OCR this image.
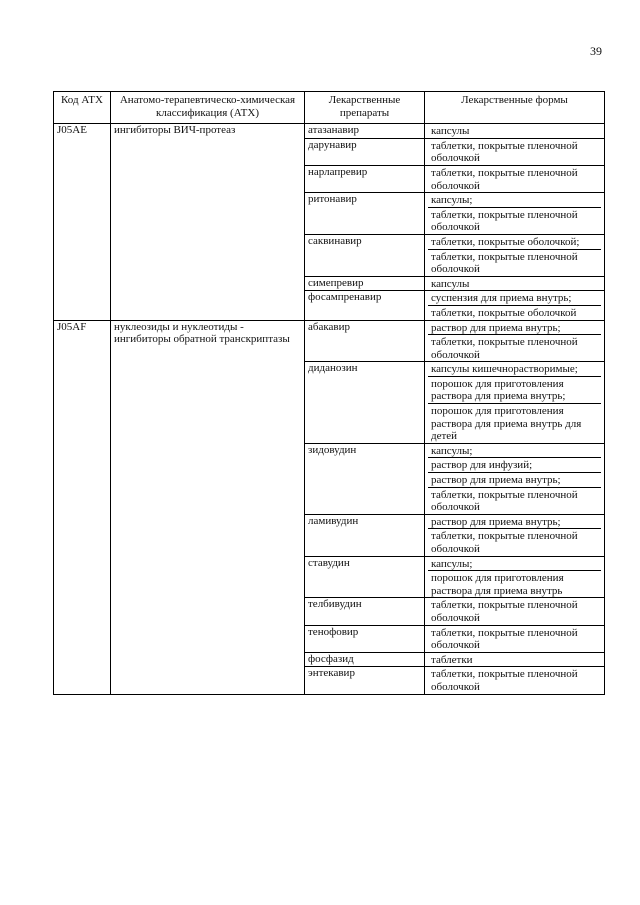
39
Код АТХ	Анатомо-терапевтическо-химическая классификация (АТХ)	Лекарственные препараты	Лекарственные формы
J05AE	ингибиторы ВИЧ-протеаз	атазанавир	капсулы

		дарунавир	таблетки, покрытые пленочной оболочкой

		нарлапревир	таблетки, покрытые пленочной оболочкой

		ритонавир	капсулы;
таблетки, покрытые пленочной оболочкой

		саквинавир	таблетки, покрытые оболочкой;
таблетки, покрытые пленочной оболочкой

		симепревир	капсулы

		фосампренавир	суспензия для приема внутрь;
таблетки, покрытые оболочкой

J05AF	нуклеозиды и нуклеотиды - ингибиторы обратной транскриптазы	абакавир	раствор для приема внутрь;
таблетки, покрытые пленочной оболочкой

		диданозин	капсулы кишечнорастворимые;
порошок для приготовления раствора для приема внутрь;
порошок для приготовления раствора для приема внутрь для детей

		зидовудин	капсулы;
раствор для инфузий;
раствор для приема внутрь;
таблетки, покрытые пленочной оболочкой

		ламивудин	раствор для приема внутрь;
таблетки, покрытые пленочной оболочкой

		ставудин	капсулы;
порошок для приготовления раствора для приема внутрь

		телбивудин	таблетки, покрытые пленочной оболочкой

		тенофовир	таблетки, покрытые пленочной оболочкой

		фосфазид	таблетки

		энтекавир	таблетки, покрытые пленочной оболочкой
